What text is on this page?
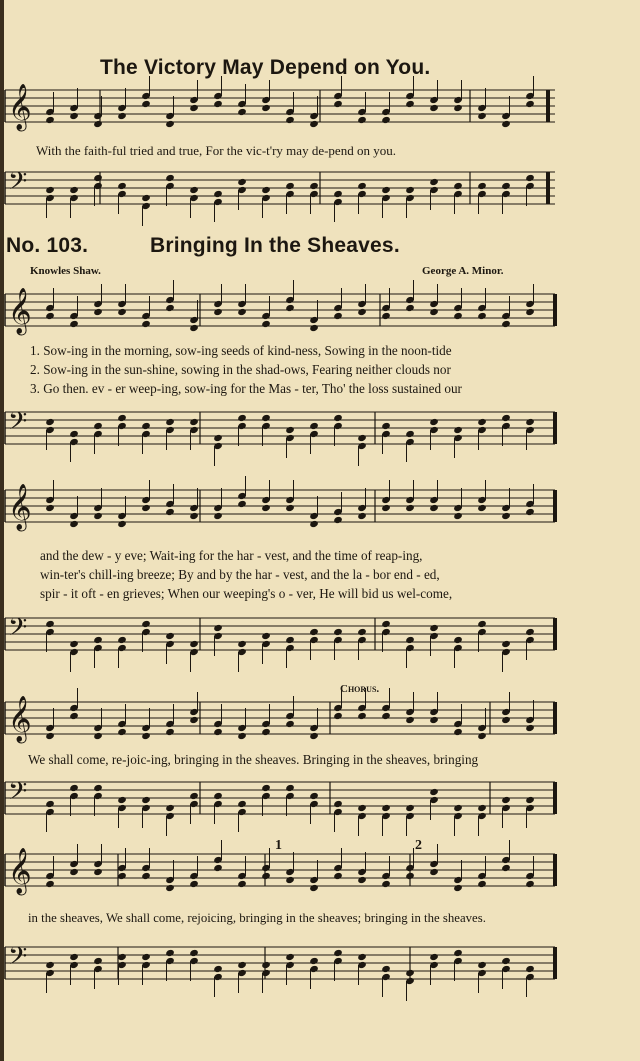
The Victory May Depend on You.
𝄞
With the faith-ful tried and true, For the vic-t'ry may de-pend on you.
𝄢
No. 103.	Bringing In the Sheaves.
Knowles Shaw.	George A. Minor.
𝄞
1. Sow-ing in the morning, sow-ing seeds of kind-ness, Sowing in the noon-tide
2. Sow-ing in the sun-shine, sowing in the shad-ows, Fearing neither clouds nor
3. Go then. ev - er weep-ing, sow-ing for the Mas - ter, Tho' the loss sustained our
𝄢
𝄞
and the dew - y eve; Wait-ing for the har - vest, and the time of reap-ing,
win-ter's chill-ing breeze; By and by the har - vest, and the la - bor end - ed,
spir - it oft - en grieves; When our weeping's o - ver, He will bid us wel-come,
𝄢
Chorus.
𝄞
We shall come, re-joic-ing, bringing in the sheaves. Bringing in the sheaves, bringing
𝄢
1	2
𝄞
in the sheaves, We shall come, rejoicing, bringing in the sheaves; bringing in the sheaves.
𝄢
